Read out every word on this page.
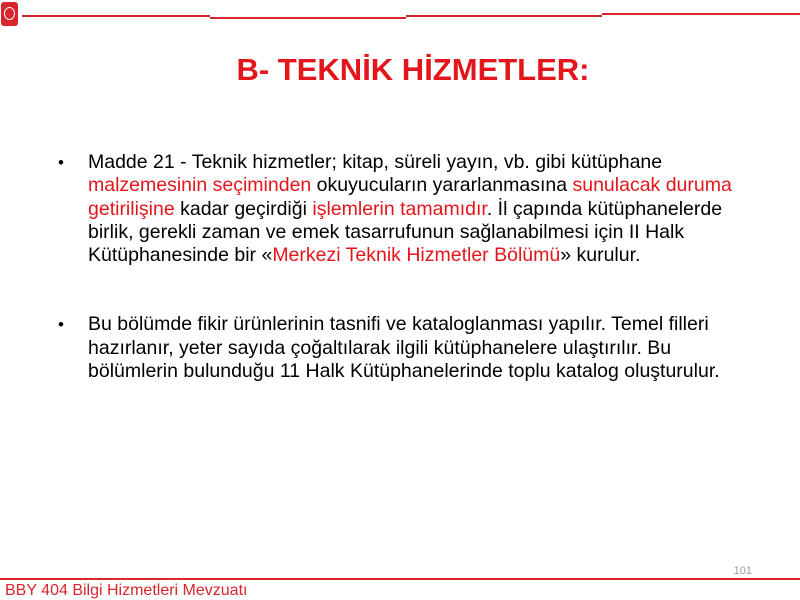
B- TEKNİK HİZMETLER:
• Madde 21 - Teknik hizmetler; kitap, süreli yayın, vb. gibi kütüphane malzemesinin seçiminden okuyucuların yararlanmasına sunulacak duruma getirilişine kadar geçirdiği işlemlerin tamamıdır. İl çapında kütüphanelerde birlik, gerekli zaman ve emek tasarrufunun sağlanabilmesi için II Halk Kütüphanesinde bir «Merkezi Teknik Hizmetler Bölümü» kurulur.
• Bu bölümde fikir ürünlerinin tasnifi ve kataloglanması yapılır. Temel filleri hazırlanır, yeter sayıda çoğaltılarak ilgili kütüphanelere ulaştırılır. Bu bölümlerin bulunduğu 11 Halk Kütüphanelerinde toplu katalog oluşturulur.
101
BBY 404 Bilgi Hizmetleri Mevzuatı
